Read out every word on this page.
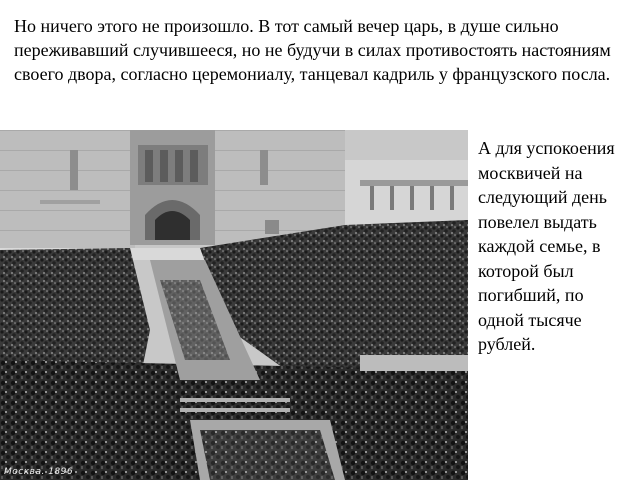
Но ничего этого не произошло. В тот самый вечер царь, в душе сильно переживавший случившееся, но не будучи в силах противостоять настояниям своего двора, согласно церемониалу, танцевал кадриль у французского посла.

Москва. 1896

А для успокоения москвичей на следующий день повелел выдать каждой семье, в которой был погибший, по одной тысяче рублей.
